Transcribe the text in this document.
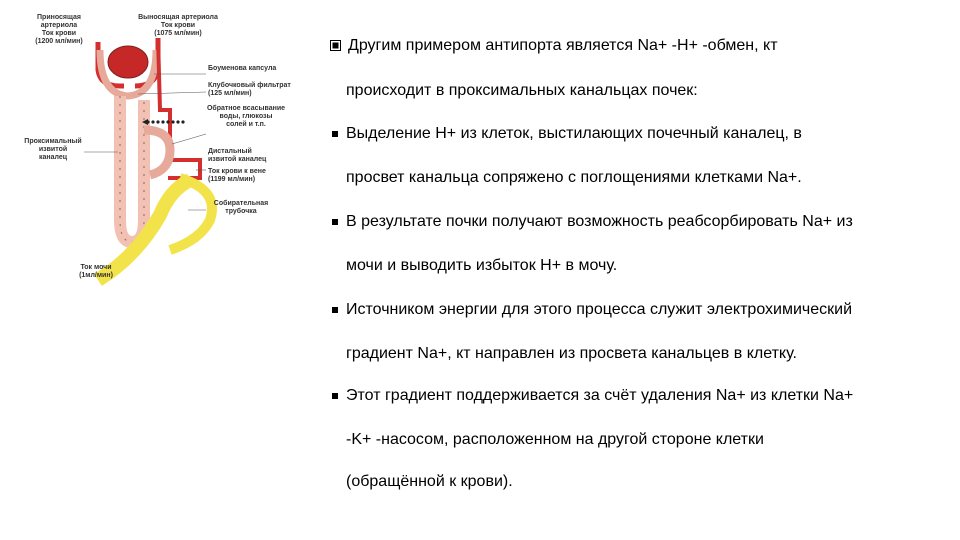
Приносящая артериола
Ток крови
(1200 мл/мин)
Выносящая артериола
Ток крови
(1075 мл/мин)
Боуменова капсула
Клубочковый фильтрат
(125 мл/мин)
Обратное всасывание
воды, глюкозы
солей и т.п.
Проксимальный
извитой
каналец
Дистальный
извитой каналец
Ток крови к вене
(1199 мл/мин)
Собирательная
трубочка
Ток мочи
(1мл/мин)
Другим примером антипорта является Na+ -H+ -обмен, кт
происходит в проксимальных канальцах почек:
Выделение Н+ из клеток, выстилающих почечный каналец, в
просвет канальца сопряжено с поглощениями клетками Na+.
В результате почки получают возможность реабсорбировать Na+ из
мочи и выводить избыток Н+ в мочу.
Источником энергии для этого процесса служит электрохимический
градиент Na+, кт направлен из просвета канальцев в клетку.
Этот градиент поддерживается за счёт удаления Na+ из клетки Na+
-K+ -насосом, расположенном на другой стороне клетки
(обращённой к крови).
